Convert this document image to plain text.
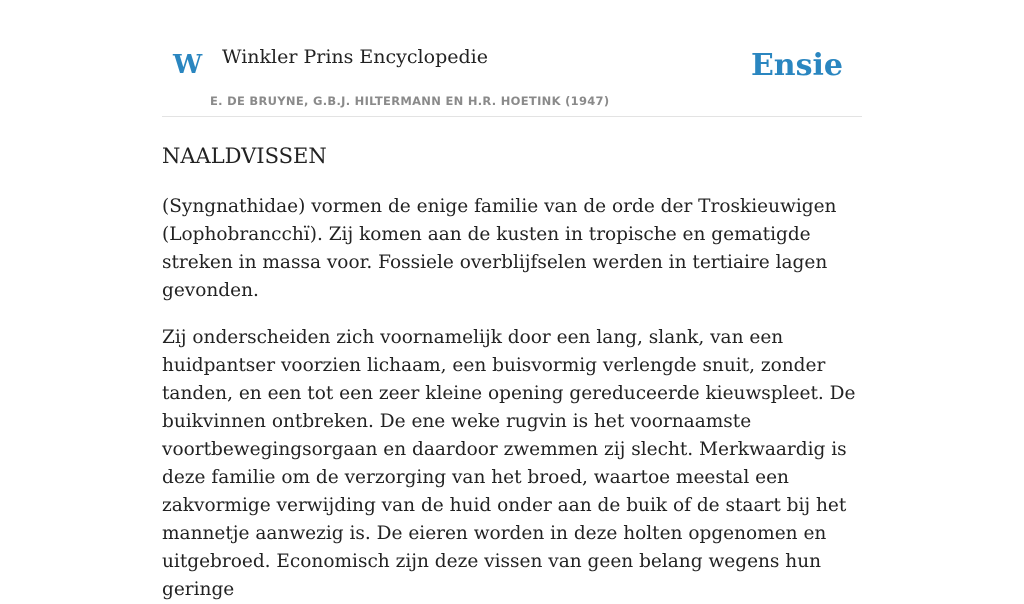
W Winkler Prins Encyclopedie
E. DE BRUYNE, G.B.J. HILTERMANN EN H.R. HOETINK (1947)
Ensie
NAALDVISSEN

(Syngnathidae) vormen de enige familie van de orde der Troskieuwigen (Lophobrancchï). Zij komen aan de kusten in tropische en gematigde streken in massa voor. Fossiele overblijfselen werden in tertiaire lagen gevonden.

Zij onderscheiden zich voornamelijk door een lang, slank, van een huidpantser voorzien lichaam, een buisvormig verlengde snuit, zonder tanden, en een tot een zeer kleine opening gereduceerde kieuwspleet. De buikvinnen ontbreken. De ene weke rugvin is het voornaamste voortbewegingsorgaan en daardoor zwemmen zij slecht. Merkwaardig is deze familie om de verzorging van het broed, waartoe meestal een zakvormige verwijding van de huid onder aan de buik of de staart bij het mannetje aanwezig is. De eieren worden in deze holten opgenomen en uitgebroed. Economisch zijn deze vissen van geen belang wegens hun geringe
